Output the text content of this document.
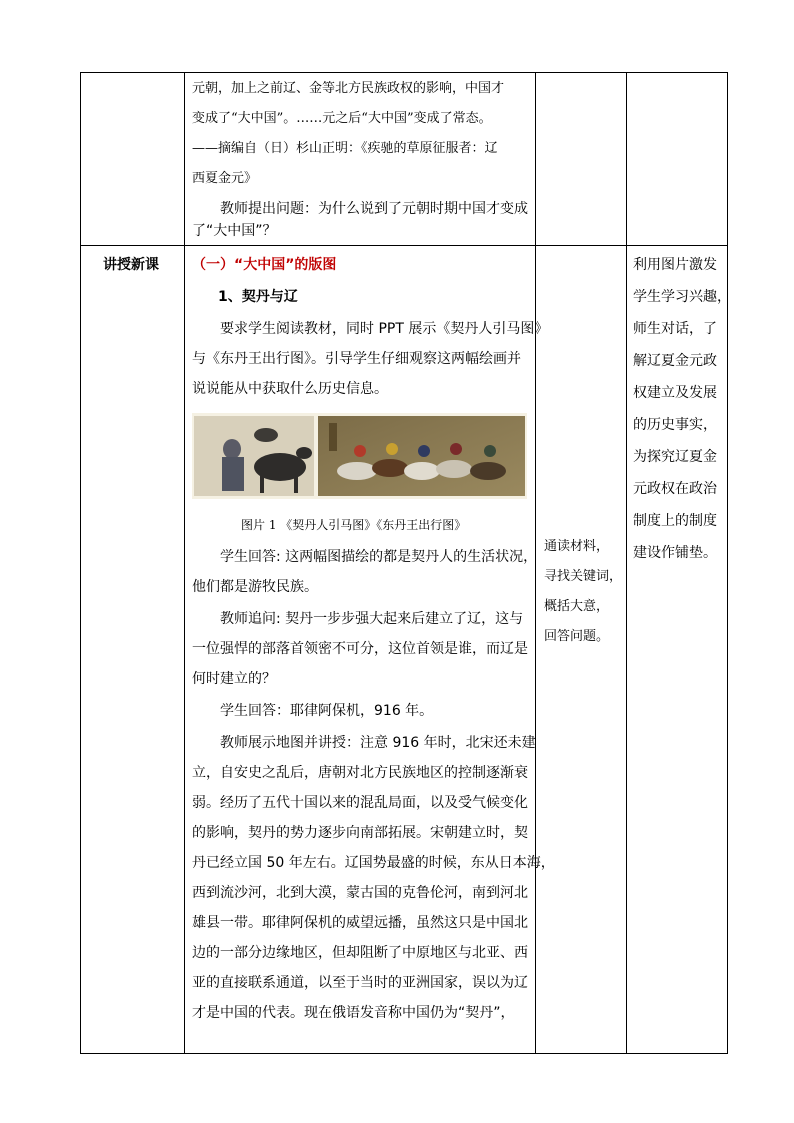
元朝，加上之前辽、金等北方民族政权的影响，中国才
变成了“大中国”。……元之后“大中国”变成了常态。
——摘编自（日）杉山正明：《疾驰的草原征服者：辽
西夏金元》
教师提出问题：为什么说到了元朝时期中国才变成
了“大中国”？
讲授新课 （一）“大中国”的版图
1、契丹与辽
要求学生阅读教材，同时 PPT 展示《契丹人引马图》
与《东丹王出行图》。引导学生仔细观察这两幅绘画并
说说能从中获取什么历史信息。
图片 1 《契丹人引马图》《东丹王出行图》
学生回答: 这两幅图描绘的都是契丹人的生活状况，
他们都是游牧民族。
教师追问: 契丹一步步强大起来后建立了辽，这与
一位强悍的部落首领密不可分，这位首领是谁，而辽是
何时建立的？
学生回答：耶律阿保机，916 年。
教师展示地图并讲授：注意 916 年时，北宋还未建
立，自安史之乱后，唐朝对北方民族地区的控制逐渐衰
弱。经历了五代十国以来的混乱局面，以及受气候变化
的影响，契丹的势力逐步向南部拓展。宋朝建立时，契
丹已经立国 50 年左右。辽国势最盛的时候，东从日本海，
西到流沙河，北到大漠，蒙古国的克鲁伦河，南到河北
雄县一带。耶律阿保机的威望远播，虽然这只是中国北
边的一部分边缘地区，但却阻断了中原地区与北亚、西
亚的直接联系通道，以至于当时的亚洲国家，误以为辽
才是中国的代表。现在俄语发音称中国仍为“契丹”，
通读材料，
寻找关键词，
概括大意，
回答问题。
利用图片激发
学生学习兴趣，
师生对话，了
解辽夏金元政
权建立及发展
的历史事实，
为探究辽夏金
元政权在政治
制度上的制度
建设作铺垫。
